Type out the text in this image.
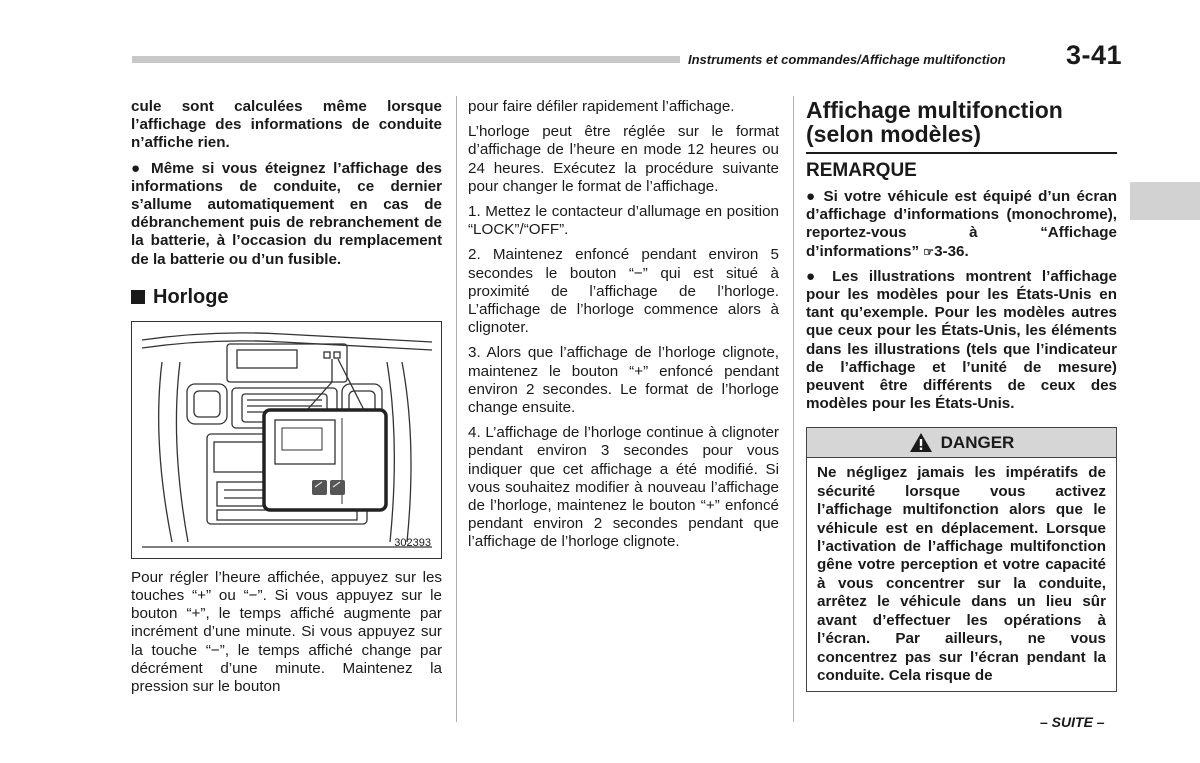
Instruments et commandes/Affichage multifonction 3-41

cule sont calculées même lorsque l’affichage des informations de conduite n’affiche rien.

● Même si vous éteignez l’affichage des informations de conduite, ce dernier s’allume automatiquement en cas de débranchement puis de rebranchement de la batterie, à l’occasion du remplacement de la batterie ou d’un fusible.

Horloge
302393

Pour régler l’heure affichée, appuyez sur les touches “+” ou “−”. Si vous appuyez sur le bouton “+”, le temps affiché augmente par incrément d’une minute. Si vous appuyez sur la touche “−”, le temps affiché change par décrément d’une minute. Maintenez la pression sur le bouton

pour faire défiler rapidement l’affichage.

L’horloge peut être réglée sur le format d’affichage de l’heure en mode 12 heures ou 24 heures. Exécutez la procédure suivante pour changer le format de l’affichage.

1. Mettez le contacteur d’allumage en position “LOCK”/“OFF”.

2. Maintenez enfoncé pendant environ 5 secondes le bouton “−” qui est situé à proximité de l’affichage de l’horloge. L’affichage de l’horloge commence alors à clignoter.

3. Alors que l’affichage de l’horloge clignote, maintenez le bouton “+” enfoncé pendant environ 2 secondes. Le format de l’horloge change ensuite.

4. L’affichage de l’horloge continue à clignoter pendant environ 3 secondes pour vous indiquer que cet affichage a été modifié. Si vous souhaitez modifier à nouveau l’affichage de l’horloge, maintenez le bouton “+” enfoncé pendant environ 2 secondes pendant que l’affichage de l’horloge clignote.

Affichage multifonction (selon modèles)
REMARQUE

● Si votre véhicule est équipé d’un écran d’affichage d’informations (monochrome), reportez-vous à “Affichage d’informations” ☞3-36.

● Les illustrations montrent l’affichage pour les modèles pour les États-Unis en tant qu’exemple. Pour les modèles autres que ceux pour les États-Unis, les éléments dans les illustrations (tels que l’indicateur de l’affichage et l’unité de mesure) peuvent être différents de ceux des modèles pour les États-Unis.

DANGER
Ne négligez jamais les impératifs de sécurité lorsque vous activez l’affichage multifonction alors que le véhicule est en déplacement. Lorsque l’activation de l’affichage multifonction gêne votre perception et votre capacité à vous concentrer sur la conduite, arrêtez le véhicule dans un lieu sûr avant d’effectuer les opérations à l’écran. Par ailleurs, ne vous concentrez pas sur l’écran pendant la conduite. Cela risque de
– SUITE –
